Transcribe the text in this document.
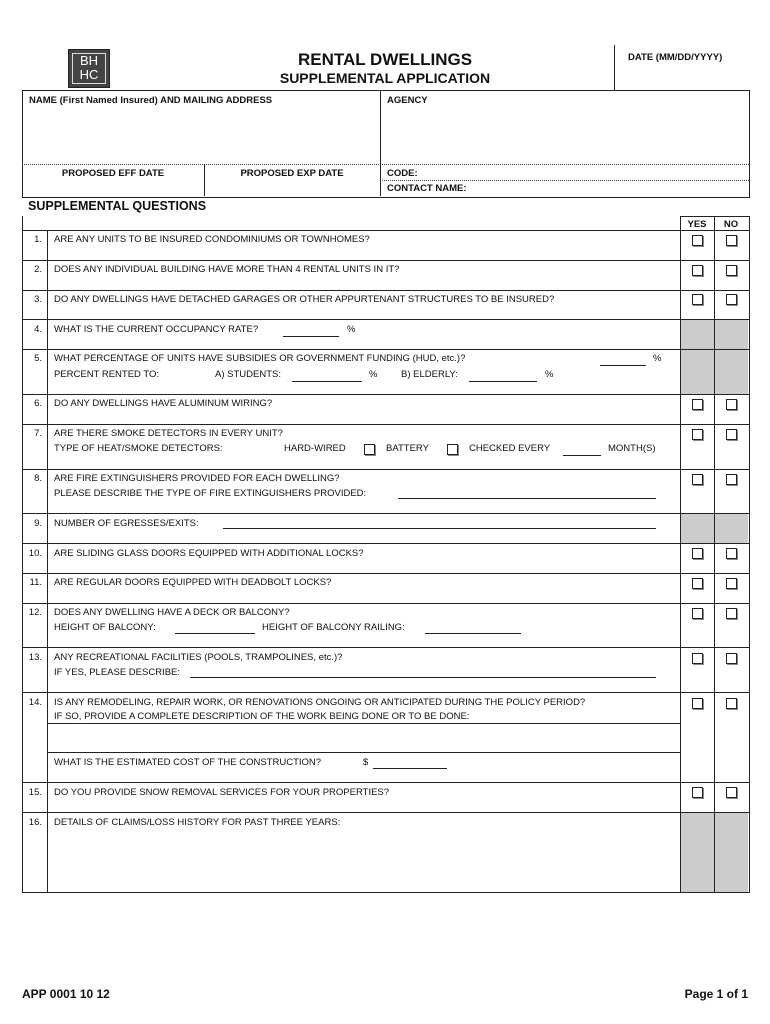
BH
HC
RENTAL DWELLINGS
SUPPLEMENTAL APPLICATION
DATE (MM/DD/YYYY)
NAME (First Named Insured) AND MAILING ADDRESS	AGENCY
PROPOSED EFF DATE	PROPOSED EXP DATE	CODE:
CONTACT NAME:
SUPPLEMENTAL QUESTIONS
YES	NO
1. ARE ANY UNITS TO BE INSURED CONDOMINIUMS OR TOWNHOMES?
2. DOES ANY INDIVIDUAL BUILDING HAVE MORE THAN 4 RENTAL UNITS IN IT?
3. DO ANY DWELLINGS HAVE DETACHED GARAGES OR OTHER APPURTENANT STRUCTURES TO BE INSURED?
4. WHAT IS THE CURRENT OCCUPANCY RATE?	%
5. WHAT PERCENTAGE OF UNITS HAVE SUBSIDIES OR GOVERNMENT FUNDING (HUD, etc.)?	%
PERCENT RENTED TO:	A) STUDENTS:	% B) ELDERLY:	%
6. DO ANY DWELLINGS HAVE ALUMINUM WIRING?
7. ARE THERE SMOKE DETECTORS IN EVERY UNIT?
TYPE OF HEAT/SMOKE DETECTORS:	HARD-WIRED	BATTERY	CHECKED EVERY	MONTH(S)
8. ARE FIRE EXTINGUISHERS PROVIDED FOR EACH DWELLING?
PLEASE DESCRIBE THE TYPE OF FIRE EXTINGUISHERS PROVIDED:
9. NUMBER OF EGRESSES/EXITS:
10. ARE SLIDING GLASS DOORS EQUIPPED WITH ADDITIONAL LOCKS?
11. ARE REGULAR DOORS EQUIPPED WITH DEADBOLT LOCKS?
12. DOES ANY DWELLING HAVE A DECK OR BALCONY?
HEIGHT OF BALCONY:	HEIGHT OF BALCONY RAILING:
13. ANY RECREATIONAL FACILITIES (POOLS, TRAMPOLINES, etc.)?
IF YES, PLEASE DESCRIBE:
14. IS ANY REMODELING, REPAIR WORK, OR RENOVATIONS ONGOING OR ANTICIPATED DURING THE POLICY PERIOD?
IF SO, PROVIDE A COMPLETE DESCRIPTION OF THE WORK BEING DONE OR TO BE DONE:
WHAT IS THE ESTIMATED COST OF THE CONSTRUCTION?	$
15. DO YOU PROVIDE SNOW REMOVAL SERVICES FOR YOUR PROPERTIES?
16. DETAILS OF CLAIMS/LOSS HISTORY FOR PAST THREE YEARS:
APP 0001 10 12	Page 1 of 1
